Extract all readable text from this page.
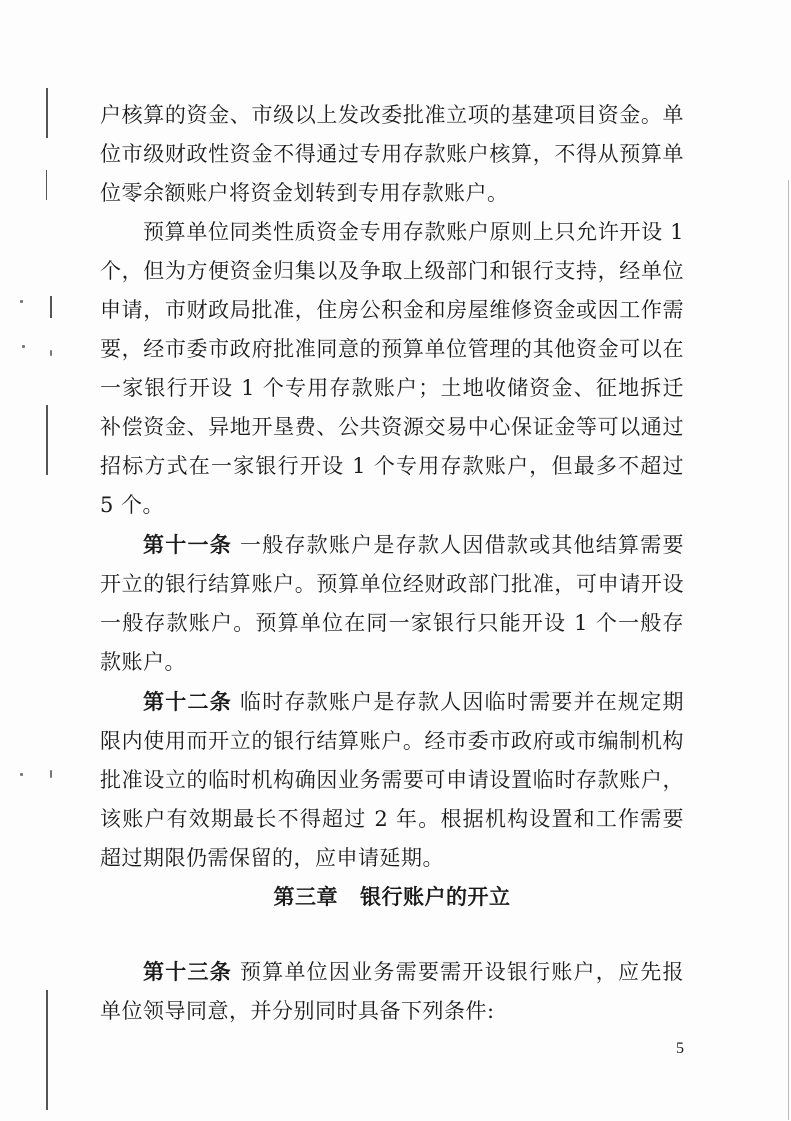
户核算的资金、市级以上发改委批准立项的基建项目资金。单位市级财政性资金不得通过专用存款账户核算，不得从预算单位零余额账户将资金划转到专用存款账户。

预算单位同类性质资金专用存款账户原则上只允许开设 1 个，但为方便资金归集以及争取上级部门和银行支持，经单位申请，市财政局批准，住房公积金和房屋维修资金或因工作需要，经市委市政府批准同意的预算单位管理的其他资金可以在一家银行开设 1 个专用存款账户；土地收储资金、征地拆迁补偿资金、异地开垦费、公共资源交易中心保证金等可以通过招标方式在一家银行开设 1 个专用存款账户，但最多不超过 5 个。

第十一条 一般存款账户是存款人因借款或其他结算需要开立的银行结算账户。预算单位经财政部门批准，可申请开设一般存款账户。预算单位在同一家银行只能开设 1 个一般存款账户。

第十二条 临时存款账户是存款人因临时需要并在规定期限内使用而开立的银行结算账户。经市委市政府或市编制机构批准设立的临时机构确因业务需要可申请设置临时存款账户，该账户有效期最长不得超过 2 年。根据机构设置和工作需要超过期限仍需保留的，应申请延期。

第三章 银行账户的开立

第十三条 预算单位因业务需要需开设银行账户，应先报单位领导同意，并分别同时具备下列条件:

5
